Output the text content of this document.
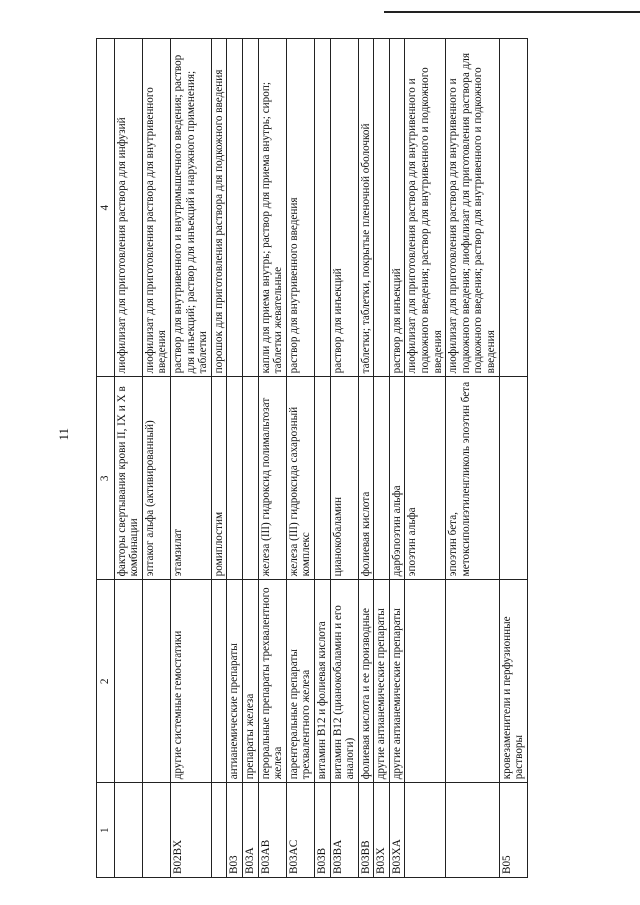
11
1	2	3	4
		факторы свертывания крови II, IX и X в комбинации	лиофилизат для приготовления раствора для инфузий
		эптаког альфа (активированный)	лиофилизат для приготовления раствора для внутривенного введения
B02BX	другие системные гемостатики	этамзилат	раствор для внутривенного и внутримышечного введения; раствор для инъекций; раствор для инъекций и наружного применения; таблетки
		ромиплостим	порошок для приготовления раствора для подкожного введения
B03	антианемические препараты		
B03A	препараты железа		
B03AB	пероральные препараты трехвалентного железа	железа (III) гидроксид полимальтозат	капли для приема внутрь; раствор для приема внутрь; сироп; таблетки жевательные
B03AC	парентеральные препараты трехвалентного железа	железа (III) гидроксида сахарозный комплекс	раствор для внутривенного введения
B03B	витамин B12 и фолиевая кислота		
B03BA	витамин B12 (цианокобаламин и его аналоги)	цианокобаламин	раствор для инъекций
B03BB	фолиевая кислота и ее производные	фолиевая кислота	таблетки; таблетки, покрытые пленочной оболочкой
B03X	другие антианемические препараты		
B03XA	другие антианемические препараты	дарбэпоэтин альфа	раствор для инъекций
		эпоэтин альфа	лиофилизат для приготовления раствора для внутривенного и подкожного введения; раствор для внутривенного и подкожного введения
		эпоэтин бета, метоксиполиэтиленгликоль эпоэтин бета	лиофилизат для приготовления раствора для внутривенного и подкожного введения; лиофилизат для приготовления раствора для подкожного введения; раствор для внутривенного и подкожного введения
B05	кровезаменители и перфузионные растворы		
